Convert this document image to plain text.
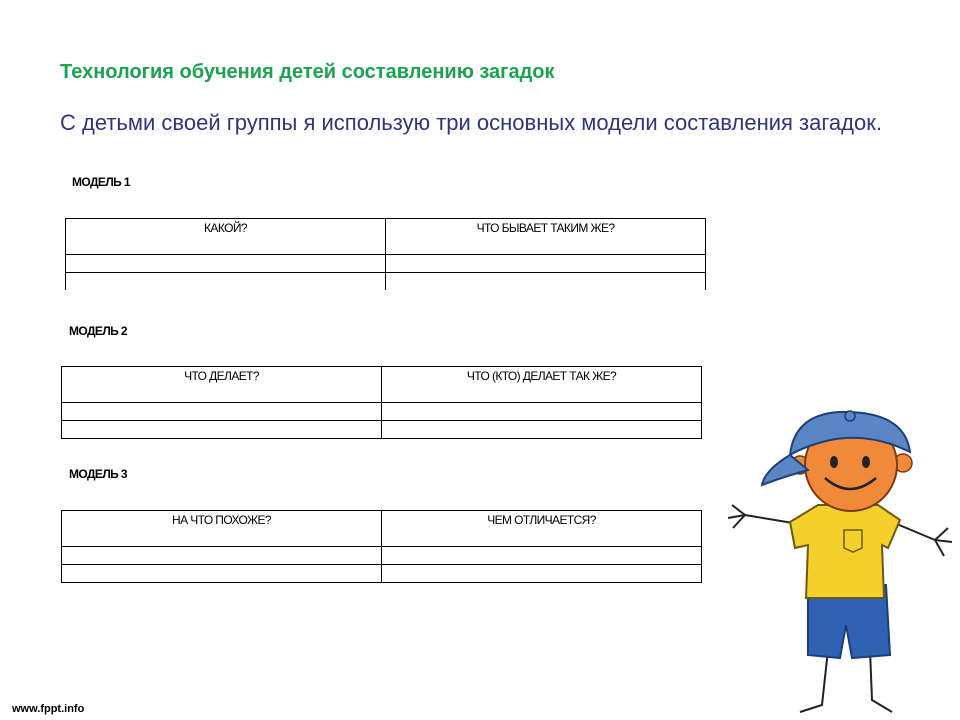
Технология обучения детей составлению загадок
С детьми своей группы я использую три основных модели составления загадок.
МОДЕЛЬ 1
КАКОЙ?	ЧТО БЫВАЕТ ТАКИМ ЖЕ?

МОДЕЛЬ 2
ЧТО ДЕЛАЕТ?	ЧТО (КТО) ДЕЛАЕТ ТАК ЖЕ?

МОДЕЛЬ 3
НА ЧТО ПОХОЖЕ?	ЧЕМ ОТЛИЧАЕТСЯ?

www.fppt.info
